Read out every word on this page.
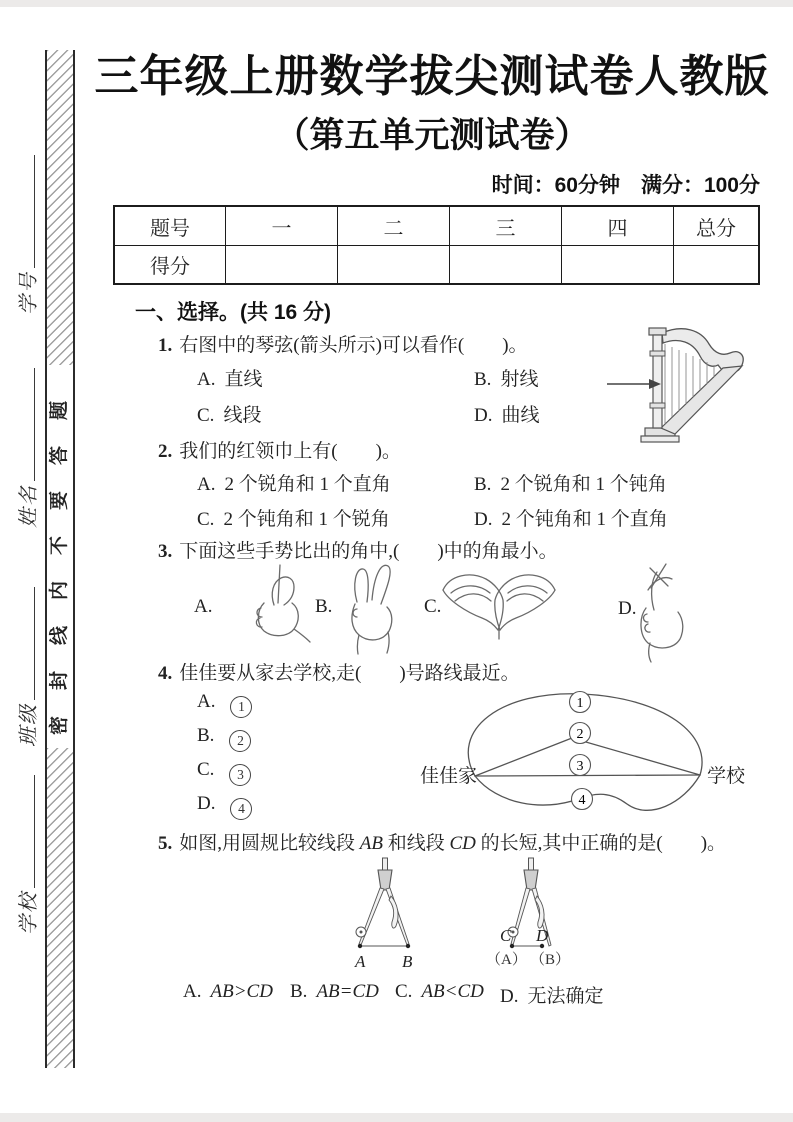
密封线内不要答题
学号
姓名
班级
学校
三年级上册数学拔尖测试卷人教版
（第五单元测试卷）
时间：60分钟　满分：100分
题号	一	二	三	四	总分
得分					
一、选择。(共 16 分)
1. 右图中的琴弦(箭头所示)可以看作(　　)。
A. 直线	B. 射线
C. 线段	D. 曲线
2. 我们的红领巾上有(　　)。
A. 2 个锐角和 1 个直角	B. 2 个锐角和 1 个钝角
C. 2 个钝角和 1 个锐角	D. 2 个钝角和 1 个直角
3. 下面这些手势比出的角中,(　　)中的角最小。
A.	B.	C.	D.
4. 佳佳要从家去学校,走(　　)号路线最近。
A. 1
B. 2
C. 3
D. 4
1
2
3
4
佳佳家	学校
5. 如图,用圆规比较线段 AB 和线段 CD 的长短,其中正确的是(　　)。
A B
C D
（A） （B）
A. AB>CD B. AB=CD C. AB<CD D. 无法确定
